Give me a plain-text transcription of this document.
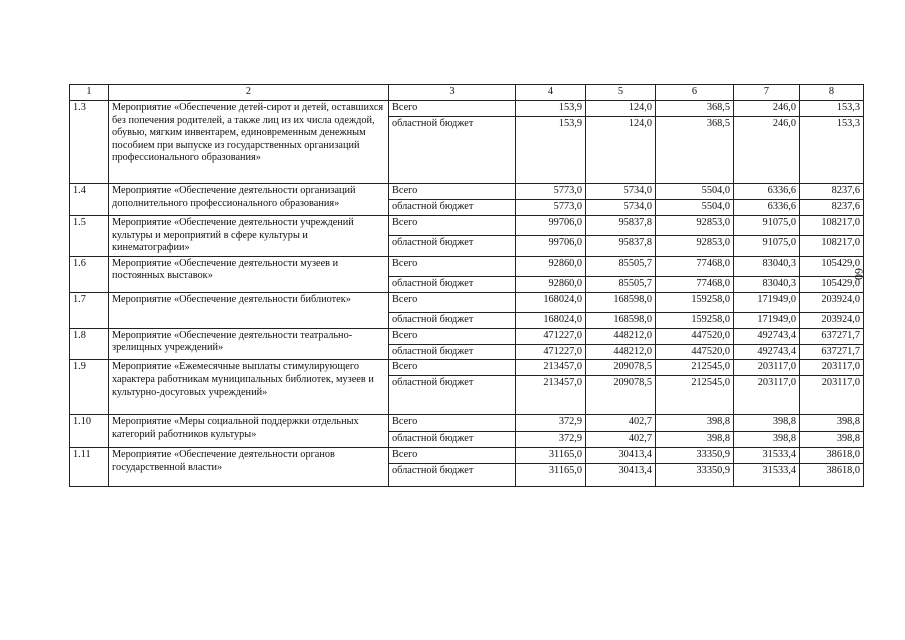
1	2	3	4	5	6	7	8
1.3	Мероприятие «Обеспечение детей-сирот и детей, оставшихся без попечения родителей, а также лиц из их числа одеждой, обувью, мягким инвентарем, единовременным денежным пособием при выпуске из государственных организаций профессионального образования»	Всего	153,9	124,0	368,5	246,0	153,3
		областной бюджет	153,9	124,0	368,5	246,0	153,3
1.4	Мероприятие «Обеспечение деятельности организаций дополнительного профессионального образования»	Всего	5773,0	5734,0	5504,0	6336,6	8237,6
		областной бюджет	5773,0	5734,0	5504,0	6336,6	8237,6
1.5	Мероприятие «Обеспечение деятельности учреждений культуры и мероприятий в сфере культуры и кинематографии»	Всего	99706,0	95837,8	92853,0	91075,0	108217,0
		областной бюджет	99706,0	95837,8	92853,0	91075,0	108217,0
1.6	Мероприятие «Обеспечение деятельности музеев и постоянных выставок»	Всего	92860,0	85505,7	77468,0	83040,3	105429,0
		областной бюджет	92860,0	85505,7	77468,0	83040,3	105429,0
1.7	Мероприятие «Обеспечение деятельности библиотек»	Всего	168024,0	168598,0	159258,0	171949,0	203924,0
		областной бюджет	168024,0	168598,0	159258,0	171949,0	203924,0
1.8	Мероприятие «Обеспечение деятельности театрально-зрелищных учреждений»	Всего	471227,0	448212,0	447520,0	492743,4	637271,7
		областной бюджет	471227,0	448212,0	447520,0	492743,4	637271,7
1.9	Мероприятие «Ежемесячные выплаты стимулирующего характера работникам муниципальных библиотек, музеев и культурно-досуговых учреждений»	Всего	213457,0	209078,5	212545,0	203117,0	203117,0
		областной бюджет	213457,0	209078,5	212545,0	203117,0	203117,0
1.10	Мероприятие «Меры социальной поддержки отдельных категорий работников культуры»	Всего	372,9	402,7	398,8	398,8	398,8
		областной бюджет	372,9	402,7	398,8	398,8	398,8
1.11	Мероприятие «Обеспечение деятельности органов государственной власти»	Всего	31165,0	30413,4	33350,9	31533,4	38618,0
		областной бюджет	31165,0	30413,4	33350,9	31533,4	38618,0
60
